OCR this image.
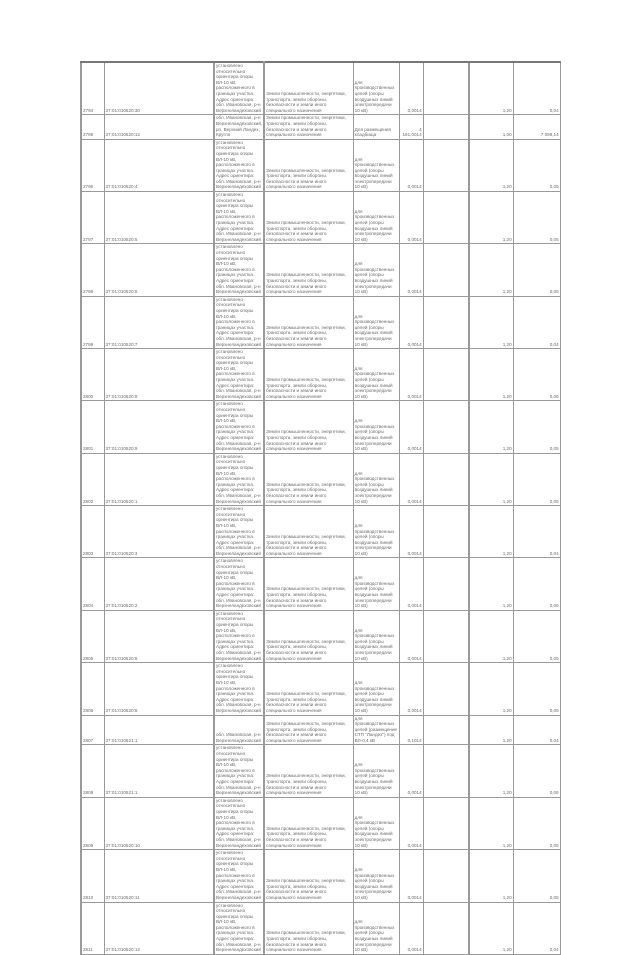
2794	37:01:010520:30	установлено относительно ориентира опоры ВЛ-10 кВ, расположенного в границах участка. Адрес ориентира: обл. Ивановская, р-н Верхнеландеховский	Земли промышленности, энергетики, транспорта, земли обороны, безопасности и земли иного специального назначения	для производственных целей (опоры воздушных линий электропередачи 10 кВ)	0,0014		1,20	0,04
2795	37:01:010520:12	обл. Ивановская, р-н Верхнеландеховский, рп. Верхний Ландех, Кругло	Земли промышленности, энергетики, транспорта, земли обороны, безопасности и земли иного специального назначения	Для размещения кладбища	4 161,0014		1,00	7 099,14
2796	37:01:010520:4	установлено относительно ориентира опоры ВЛ-10 кВ, расположенного в границах участка. Адрес ориентира: обл. Ивановская, р-н Верхнеландеховский	Земли промышленности, энергетики, транспорта, земли обороны, безопасности и земли иного специального назначения	для производственных целей (опоры воздушных линий электропередачи 10 кВ)	0,0014		1,20	0,05
2797	37:01:010520:5	установлено относительно ориентира опоры ВЛ-10 кВ, расположенного в границах участка. Адрес ориентира: обл. Ивановская, р-н Верхнеландеховский	Земли промышленности, энергетики, транспорта, земли обороны, безопасности и земли иного специального назначения	для производственных целей (опоры воздушных линий электропередачи 10 кВ)	0,0014		1,20	0,05
2798	37:01:010520:6	установлено относительно ориентира опоры ВЛ-10 кВ, расположенного в границах участка. Адрес ориентира: обл. Ивановская, р-н Верхнеландеховский	Земли промышленности, энергетики, транспорта, земли обороны, безопасности и земли иного специального назначения	для производственных целей (опоры воздушных линий электропередачи 10 кВ)	0,0014		1,20	0,05
2799	37:01:010520:7	установлено относительно ориентира опоры ВЛ-10 кВ, расположенного в границах участка. Адрес ориентира: обл. Ивановская, р-н Верхнеландеховский	Земли промышленности, энергетики, транспорта, земли обороны, безопасности и земли иного специального назначения	для производственных целей (опоры воздушных линий электропередачи 10 кВ)	0,0014		1,20	0,04
2800	37:01:010520:8	установлено относительно ориентира опоры ВЛ-10 кВ, расположенного в границах участка. Адрес ориентира: обл. Ивановская, р-н Верхнеландеховский	Земли промышленности, энергетики, транспорта, земли обороны, безопасности и земли иного специального назначения	для производственных целей (опоры воздушных линий электропередачи 10 кВ)	0,0014		1,20	0,06
2801	37:01:010520:9	установлено относительно ориентира опоры ВЛ-10 кВ, расположенного в границах участка. Адрес ориентира: обл. Ивановская, р-н Верхнеландеховский	Земли промышленности, энергетики, транспорта, земли обороны, безопасности и земли иного специального назначения	для производственных целей (опоры воздушных линий электропередачи 10 кВ)	0,0014		1,20	0,05
2802	37:01:010520:1	установлено относительно ориентира опоры ВЛ-10 кВ, расположенного в границах участка. Адрес ориентира: обл. Ивановская, р-н Верхнеландеховский	Земли промышленности, энергетики, транспорта, земли обороны, безопасности и земли иного специального назначения	для производственных целей (опоры воздушных линий электропередачи 10 кВ)	0,0014		1,20	0,05
2803	37:01:010520:3	установлено относительно ориентира опоры ВЛ-10 кВ, расположенного в границах участка. Адрес ориентира: обл. Ивановская, р-н Верхнеландеховский	Земли промышленности, энергетики, транспорта, земли обороны, безопасности и земли иного специального назначения	для производственных целей (опоры воздушных линий электропередачи 10 кВ)	0,0014		1,20	0,04
2804	37:01:010520:2	установлено относительно ориентира опоры ВЛ-10 кВ, расположенного в границах участка. Адрес ориентира: обл. Ивановская, р-н Верхнеландеховский	Земли промышленности, энергетики, транспорта, земли обороны, безопасности и земли иного специального назначения	для производственных целей (опоры воздушных линий электропередачи 10 кВ)	0,0014		1,20	0,06
2805	37:01:010520:6	установлено относительно ориентира опоры ВЛ-10 кВ, расположенного в границах участка. Адрес ориентира: обл. Ивановская, р-н Верхнеландеховский	Земли промышленности, энергетики, транспорта, земли обороны, безопасности и земли иного специального назначения	для производственных целей (опоры воздушных линий электропередачи 10 кВ)	0,0014		1,20	0,05
2806	37:01:010520:5	установлено относительно ориентира опоры ВЛ-10 кВ, расположенного в границах участка. Адрес ориентира: обл. Ивановская, р-н Верхнеландеховский	Земли промышленности, энергетики, транспорта, земли обороны, безопасности и земли иного специального назначения	для производственных целей (опоры воздушных линий электропередачи 10 кВ)	0,0014		1,20	0,05
2807	37:01:010521:1	обл. Ивановская, р-н Верхнеландеховский	Земли промышленности, энергетики, транспорта, земли обороны, безопасности и земли иного специального назначения	для производственных целей (размещение СТП "Ландех") под ВЛ-0,4 кВ	0,1014		1,20	0,04
2808	37:01:010521:1	установлено относительно ориентира опоры ВЛ-10 кВ, расположенного в границах участка. Адрес ориентира: обл. Ивановская, р-н Верхнеландеховский	Земли промышленности, энергетики, транспорта, земли обороны, безопасности и земли иного специального назначения	для производственных целей (опоры воздушных линий электропередачи 10 кВ)	0,0014		1,20	0,06
2809	37:01:010520:10	установлено относительно ориентира опоры ВЛ-10 кВ, расположенного в границах участка. Адрес ориентира: обл. Ивановская, р-н Верхнеландеховский	Земли промышленности, энергетики, транспорта, земли обороны, безопасности и земли иного специального назначения	для производственных целей (опоры воздушных линий электропередачи 10 кВ)	0,0014		1,20	0,05
2810	37:01:010520:11	установлено относительно ориентира опоры ВЛ-10 кВ, расположенного в границах участка. Адрес ориентира: обл. Ивановская, р-н Верхнеландеховский	Земли промышленности, энергетики, транспорта, земли обороны, безопасности и земли иного специального назначения	для производственных целей (опоры воздушных линий электропередачи 10 кВ)	0,0014		1,20	0,05
2811	37:01:010520:12	установлено относительно ориентира опоры ВЛ-10 кВ, расположенного в границах участка. Адрес ориентира: обл. Ивановская, р-н Верхнеландеховский	Земли промышленности, энергетики, транспорта, земли обороны, безопасности и земли иного специального назначения	для производственных целей (опоры воздушных линий электропередачи 10 кВ)	0,0014		1,20	0,04
